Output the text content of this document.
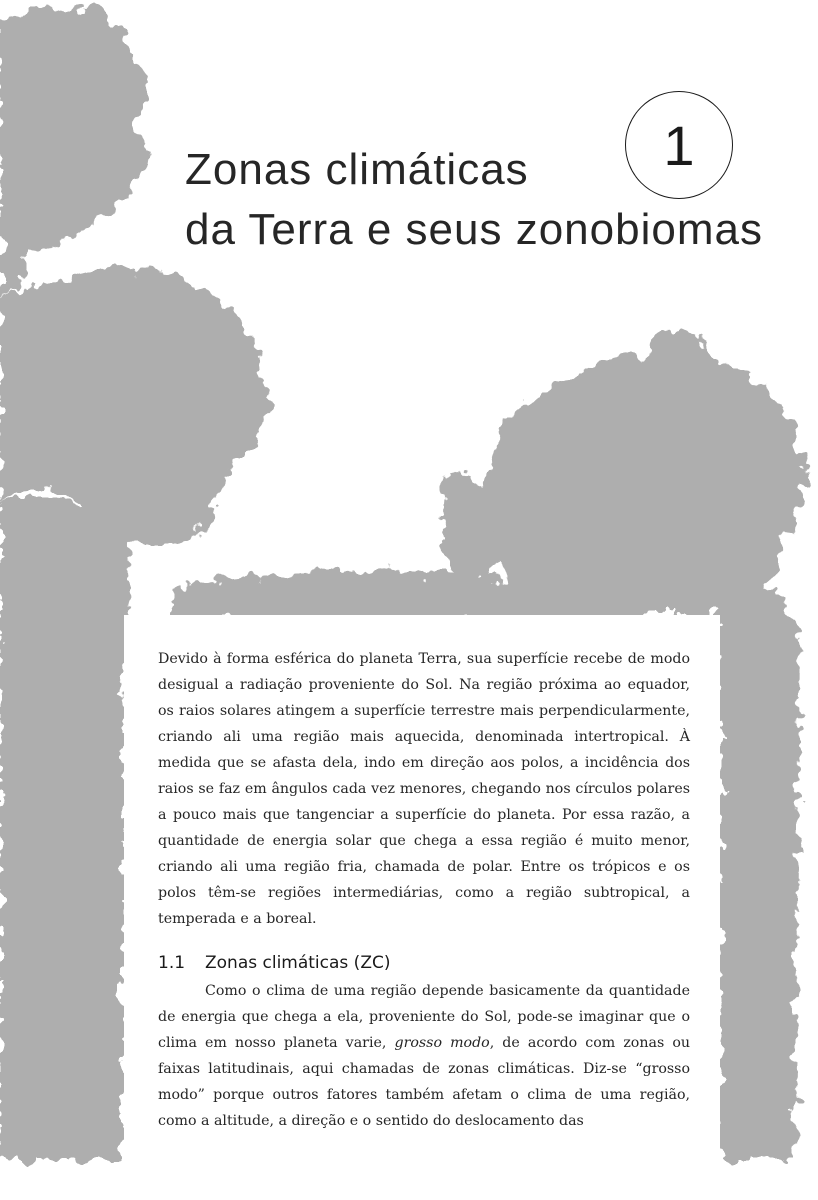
Zonas climáticas
da Terra e seus zonobiomas
1

Devido à forma esférica do planeta Terra, sua superfície recebe de modo desigual a radiação proveniente do Sol. Na região próxima ao equador, os raios solares atingem a superfície terrestre mais perpendicularmente, criando ali uma região mais aquecida, denominada intertropical. À medida que se afasta dela, indo em direção aos polos, a incidência dos raios se faz em ângulos cada vez menores, chegando nos círculos polares a pouco mais que tangenciar a superfície do planeta. Por essa razão, a quantidade de energia solar que chega a essa região é muito menor, criando ali uma região fria, chamada de polar. Entre os trópicos e os polos têm-se regiões intermediárias, como a região subtropical, a temperada e a boreal.

1.1	Zonas climáticas (ZC)

Como o clima de uma região depende basicamente da quantidade de energia que chega a ela, proveniente do Sol, pode-se imaginar que o clima em nosso planeta varie, grosso modo, de acordo com zonas ou faixas latitudinais, aqui chamadas de zonas climáticas. Diz-se “grosso modo” porque outros fatores também afetam o clima de uma região, como a altitude, a direção e o sentido do deslocamento das
